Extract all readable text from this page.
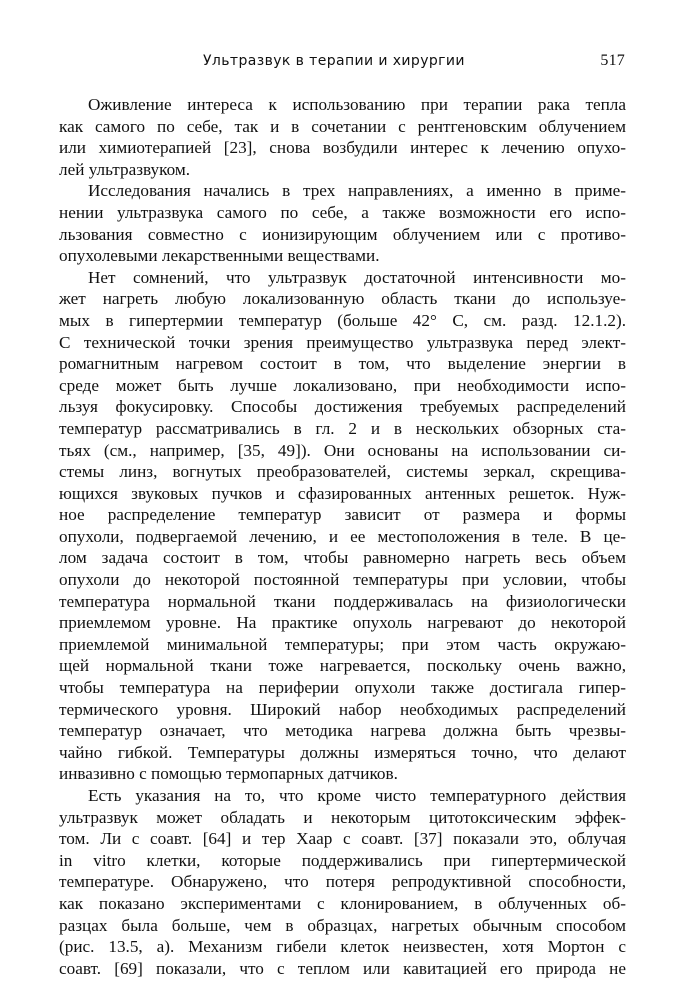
Ультразвук в терапии и хирургии	517
Оживление интереса к использованию при терапии рака тепла
как самого по себе, так и в сочетании с рентгеновским облучением
или химиотерапией [23], снова возбудили интерес к лечению опухо-
лей ультразвуком.
Исследования начались в трех направлениях, а именно в приме-
нении ультразвука самого по себе, а также возможности его испо-
льзования совместно с ионизирующим облучением или с противо-
опухолевыми лекарственными веществами.
Нет сомнений, что ультразвук достаточной интенсивности мо-
жет нагреть любую локализованную область ткани до используе-
мых в гипертермии температур (больше 42° С, см. разд. 12.1.2).
С технической точки зрения преимущество ультразвука перед элект-
ромагнитным нагревом состоит в том, что выделение энергии в
среде может быть лучше локализовано, при необходимости испо-
льзуя фокусировку. Способы достижения требуемых распределений
температур рассматривались в гл. 2 и в нескольких обзорных ста-
тьях (см., например, [35, 49]). Они основаны на использовании си-
стемы линз, вогнутых преобразователей, системы зеркал, скрещива-
ющихся звуковых пучков и сфазированных антенных решеток. Нуж-
ное распределение температур зависит от размера и формы
опухоли, подвергаемой лечению, и ее местоположения в теле. В це-
лом задача состоит в том, чтобы равномерно нагреть весь объем
опухоли до некоторой постоянной температуры при условии, чтобы
температура нормальной ткани поддерживалась на физиологически
приемлемом уровне. На практике опухоль нагревают до некоторой
приемлемой минимальной температуры; при этом часть окружаю-
щей нормальной ткани тоже нагревается, поскольку очень важно,
чтобы температура на периферии опухоли также достигала гипер-
термического уровня. Широкий набор необходимых распределений
температур означает, что методика нагрева должна быть чрезвы-
чайно гибкой. Температуры должны измеряться точно, что делают
инвазивно с помощью термопарных датчиков.
Есть указания на то, что кроме чисто температурного действия
ультразвук может обладать и некоторым цитотоксическим эффек-
том. Ли с соавт. [64] и тер Хаар с соавт. [37] показали это, облучая
in vitro клетки, которые поддерживались при гипертермической
температуре. Обнаружено, что потеря репродуктивной способности,
как показано экспериментами с клонированием, в облученных об-
разцах была больше, чем в образцах, нагретых обычным способом
(рис. 13.5, а). Механизм гибели клеток неизвестен, хотя Мортон с
соавт. [69] показали, что с теплом или кавитацией его природа не
